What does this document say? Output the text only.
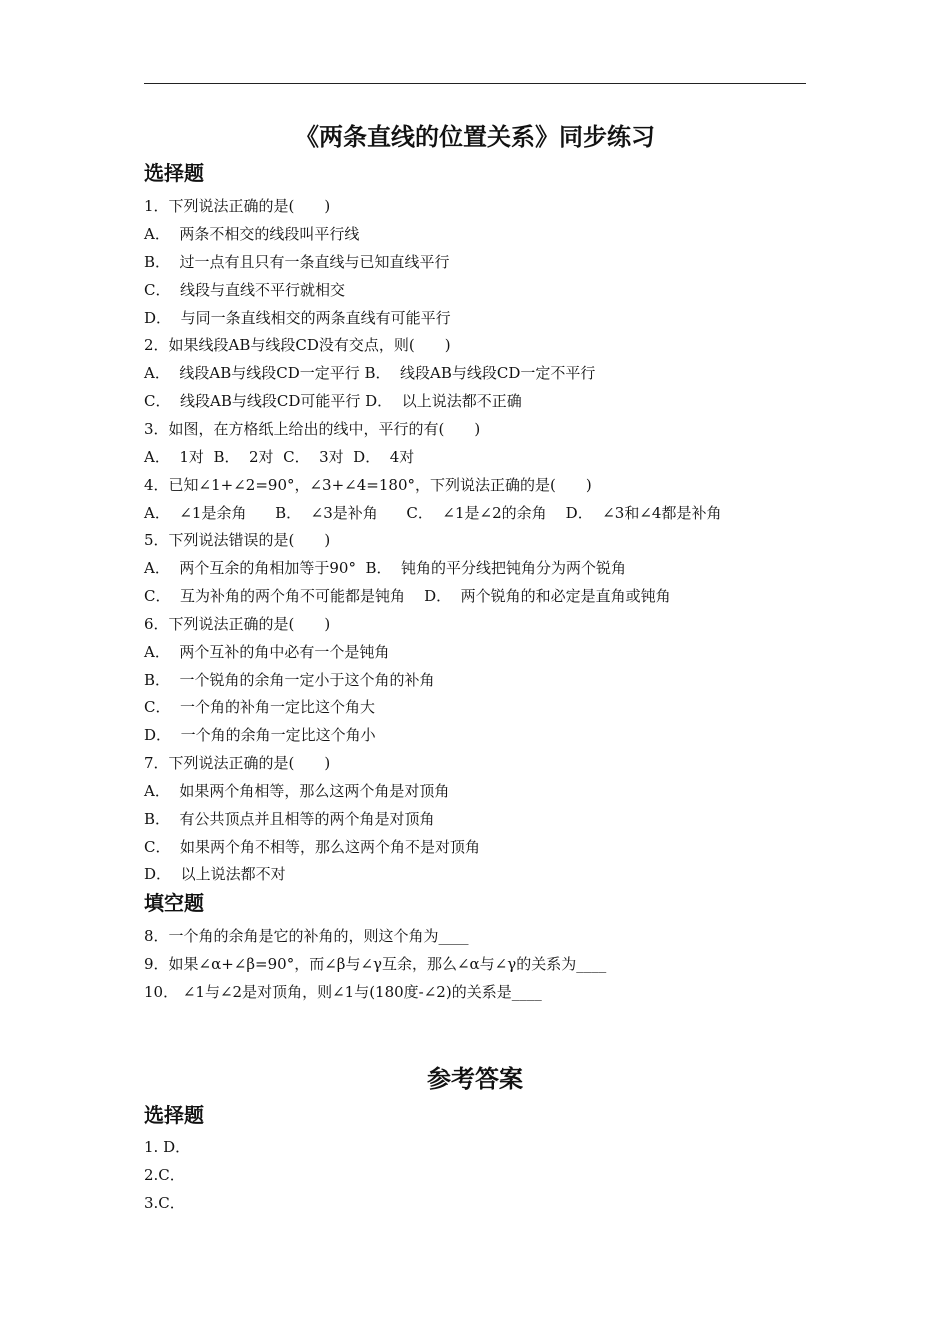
《两条直线的位置关系》同步练习
选择题
1．下列说法正确的是(　　)
A．  两条不相交的线段叫平行线
B．  过一点有且只有一条直线与已知直线平行
C．  线段与直线不平行就相交
D．  与同一条直线相交的两条直线有可能平行
2．如果线段AB与线段CD没有交点，则(　　)
A．  线段AB与线段CD一定平行 B．  线段AB与线段CD一定不平行
C．  线段AB与线段CD可能平行 D．  以上说法都不正确
3．如图，在方格纸上给出的线中，平行的有(　　)
A．  1对  B．  2对  C．  3对  D．  4对
4．已知∠1+∠2=90°，∠3+∠4=180°，下列说法正确的是(　　)
A．  ∠1是余角      B．  ∠3是补角      C．  ∠1是∠2的余角    D．  ∠3和∠4都是补角
5．下列说法错误的是(　　)
A．  两个互余的角相加等于90°  B．  钝角的平分线把钝角分为两个锐角
C．  互为补角的两个角不可能都是钝角    D．  两个锐角的和必定是直角或钝角
6．下列说法正确的是(　　)
A．  两个互补的角中必有一个是钝角
B．  一个锐角的余角一定小于这个角的补角
C．  一个角的补角一定比这个角大
D．  一个角的余角一定比这个角小
7．下列说法正确的是(　　)
A．  如果两个角相等，那么这两个角是对顶角
B．  有公共顶点并且相等的两个角是对顶角
C．  如果两个角不相等，那么这两个角不是对顶角
D．  以上说法都不对
填空题
8．一个角的余角是它的补角的，则这个角为____
9．如果∠α+∠β=90°，而∠β与∠γ互余，那么∠α与∠γ的关系为____
10． ∠1与∠2是对顶角，则∠1与(180度-∠2)的关系是____
参考答案
选择题
1. D．
2.C．
3.C．
